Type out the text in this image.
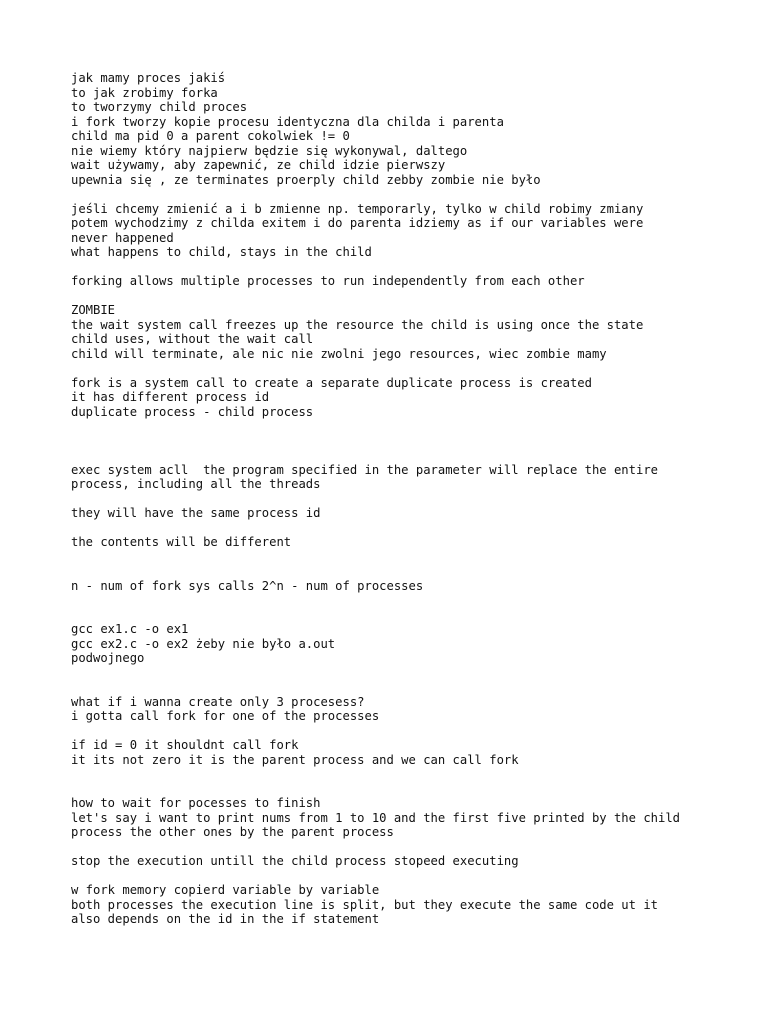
jak mamy proces jakiś
to jak zrobimy forka
to tworzymy child proces
i fork tworzy kopie procesu identyczna dla childa i parenta
child ma pid 0 a parent cokolwiek != 0
nie wiemy który najpierw będzie się wykonywal, daltego
wait używamy, aby zapewnić, ze child idzie pierwszy
upewnia się , ze terminates proerply child zebby zombie nie było
jeśli chcemy zmienić a i b zmienne np. temporarly, tylko w child robimy zmiany
potem wychodzimy z childa exitem i do parenta idziemy as if our variables were
never happened
what happens to child, stays in the child
forking allows multiple processes to run independently from each other
ZOMBIE
the wait system call freezes up the resource the child is using once the state
child uses, without the wait call
child will terminate, ale nic nie zwolni jego resources, wiec zombie mamy
fork is a system call to create a separate duplicate process is created
it has different process id
duplicate process - child process
exec system acll  the program specified in the parameter will replace the entire
process, including all the threads
they will have the same process id
the contents will be different
n - num of fork sys calls 2^n - num of processes
gcc ex1.c -o ex1
gcc ex2.c -o ex2 żeby nie było a.out
podwojnego
what if i wanna create only 3 procesess?
i gotta call fork for one of the processes
if id = 0 it shouldnt call fork
it its not zero it is the parent process and we can call fork
how to wait for pocesses to finish
let's say i want to print nums from 1 to 10 and the first five printed by the child
process the other ones by the parent process
stop the execution untill the child process stopeed executing
w fork memory copierd variable by variable
both processes the execution line is split, but they execute the same code ut it
also depends on the id in the if statement
